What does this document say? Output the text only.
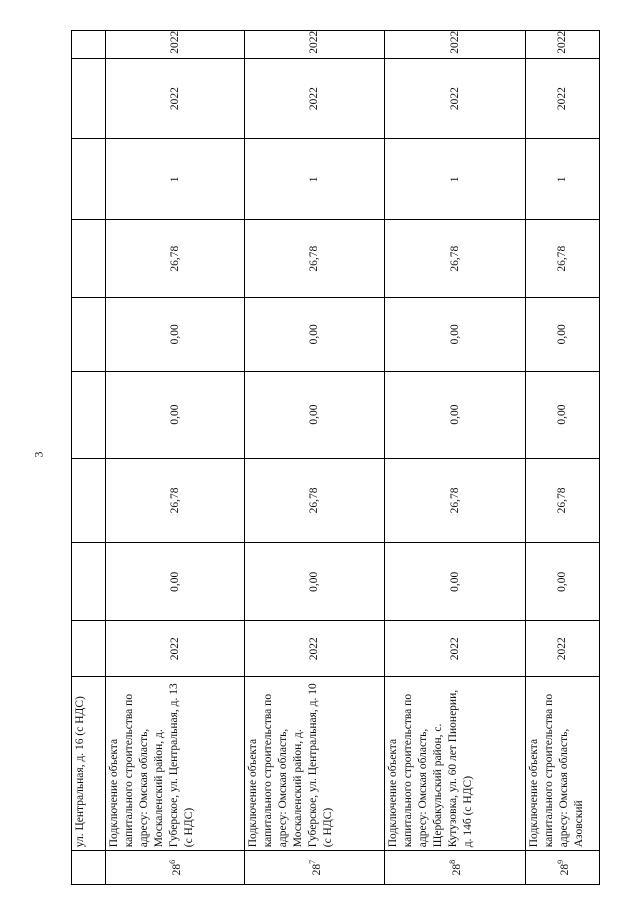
3
	ул. Центральная, д. 16 (с НДС)									
$28^6$	Подключение объекта капитального строительства по адресу: Омская область, Москаленский район, д. Губерское, ул. Центральная, д. 13 (с НДС)	2022	0,00	26,78	0,00	0,00	26,78	1	2022	2022
$28^7$	Подключение объекта капитального строительства по адресу: Омская область, Москаленский район, д. Губерское, ул. Центральная, д. 10 (с НДС)	2022	0,00	26,78	0,00	0,00	26,78	1	2022	2022
$28^8$	Подключение объекта капитального строительства по адресу: Омская область, Щербакульский район, с. Кутузовка, ул. 60 лет Пионерии, д. 14б (с НДС)	2022	0,00	26,78	0,00	0,00	26,78	1	2022	2022
$28^9$	Подключение объекта капитального строительства по адресу: Омская область, Азовский	2022	0,00	26,78	0,00	0,00	26,78	1	2022	2022
